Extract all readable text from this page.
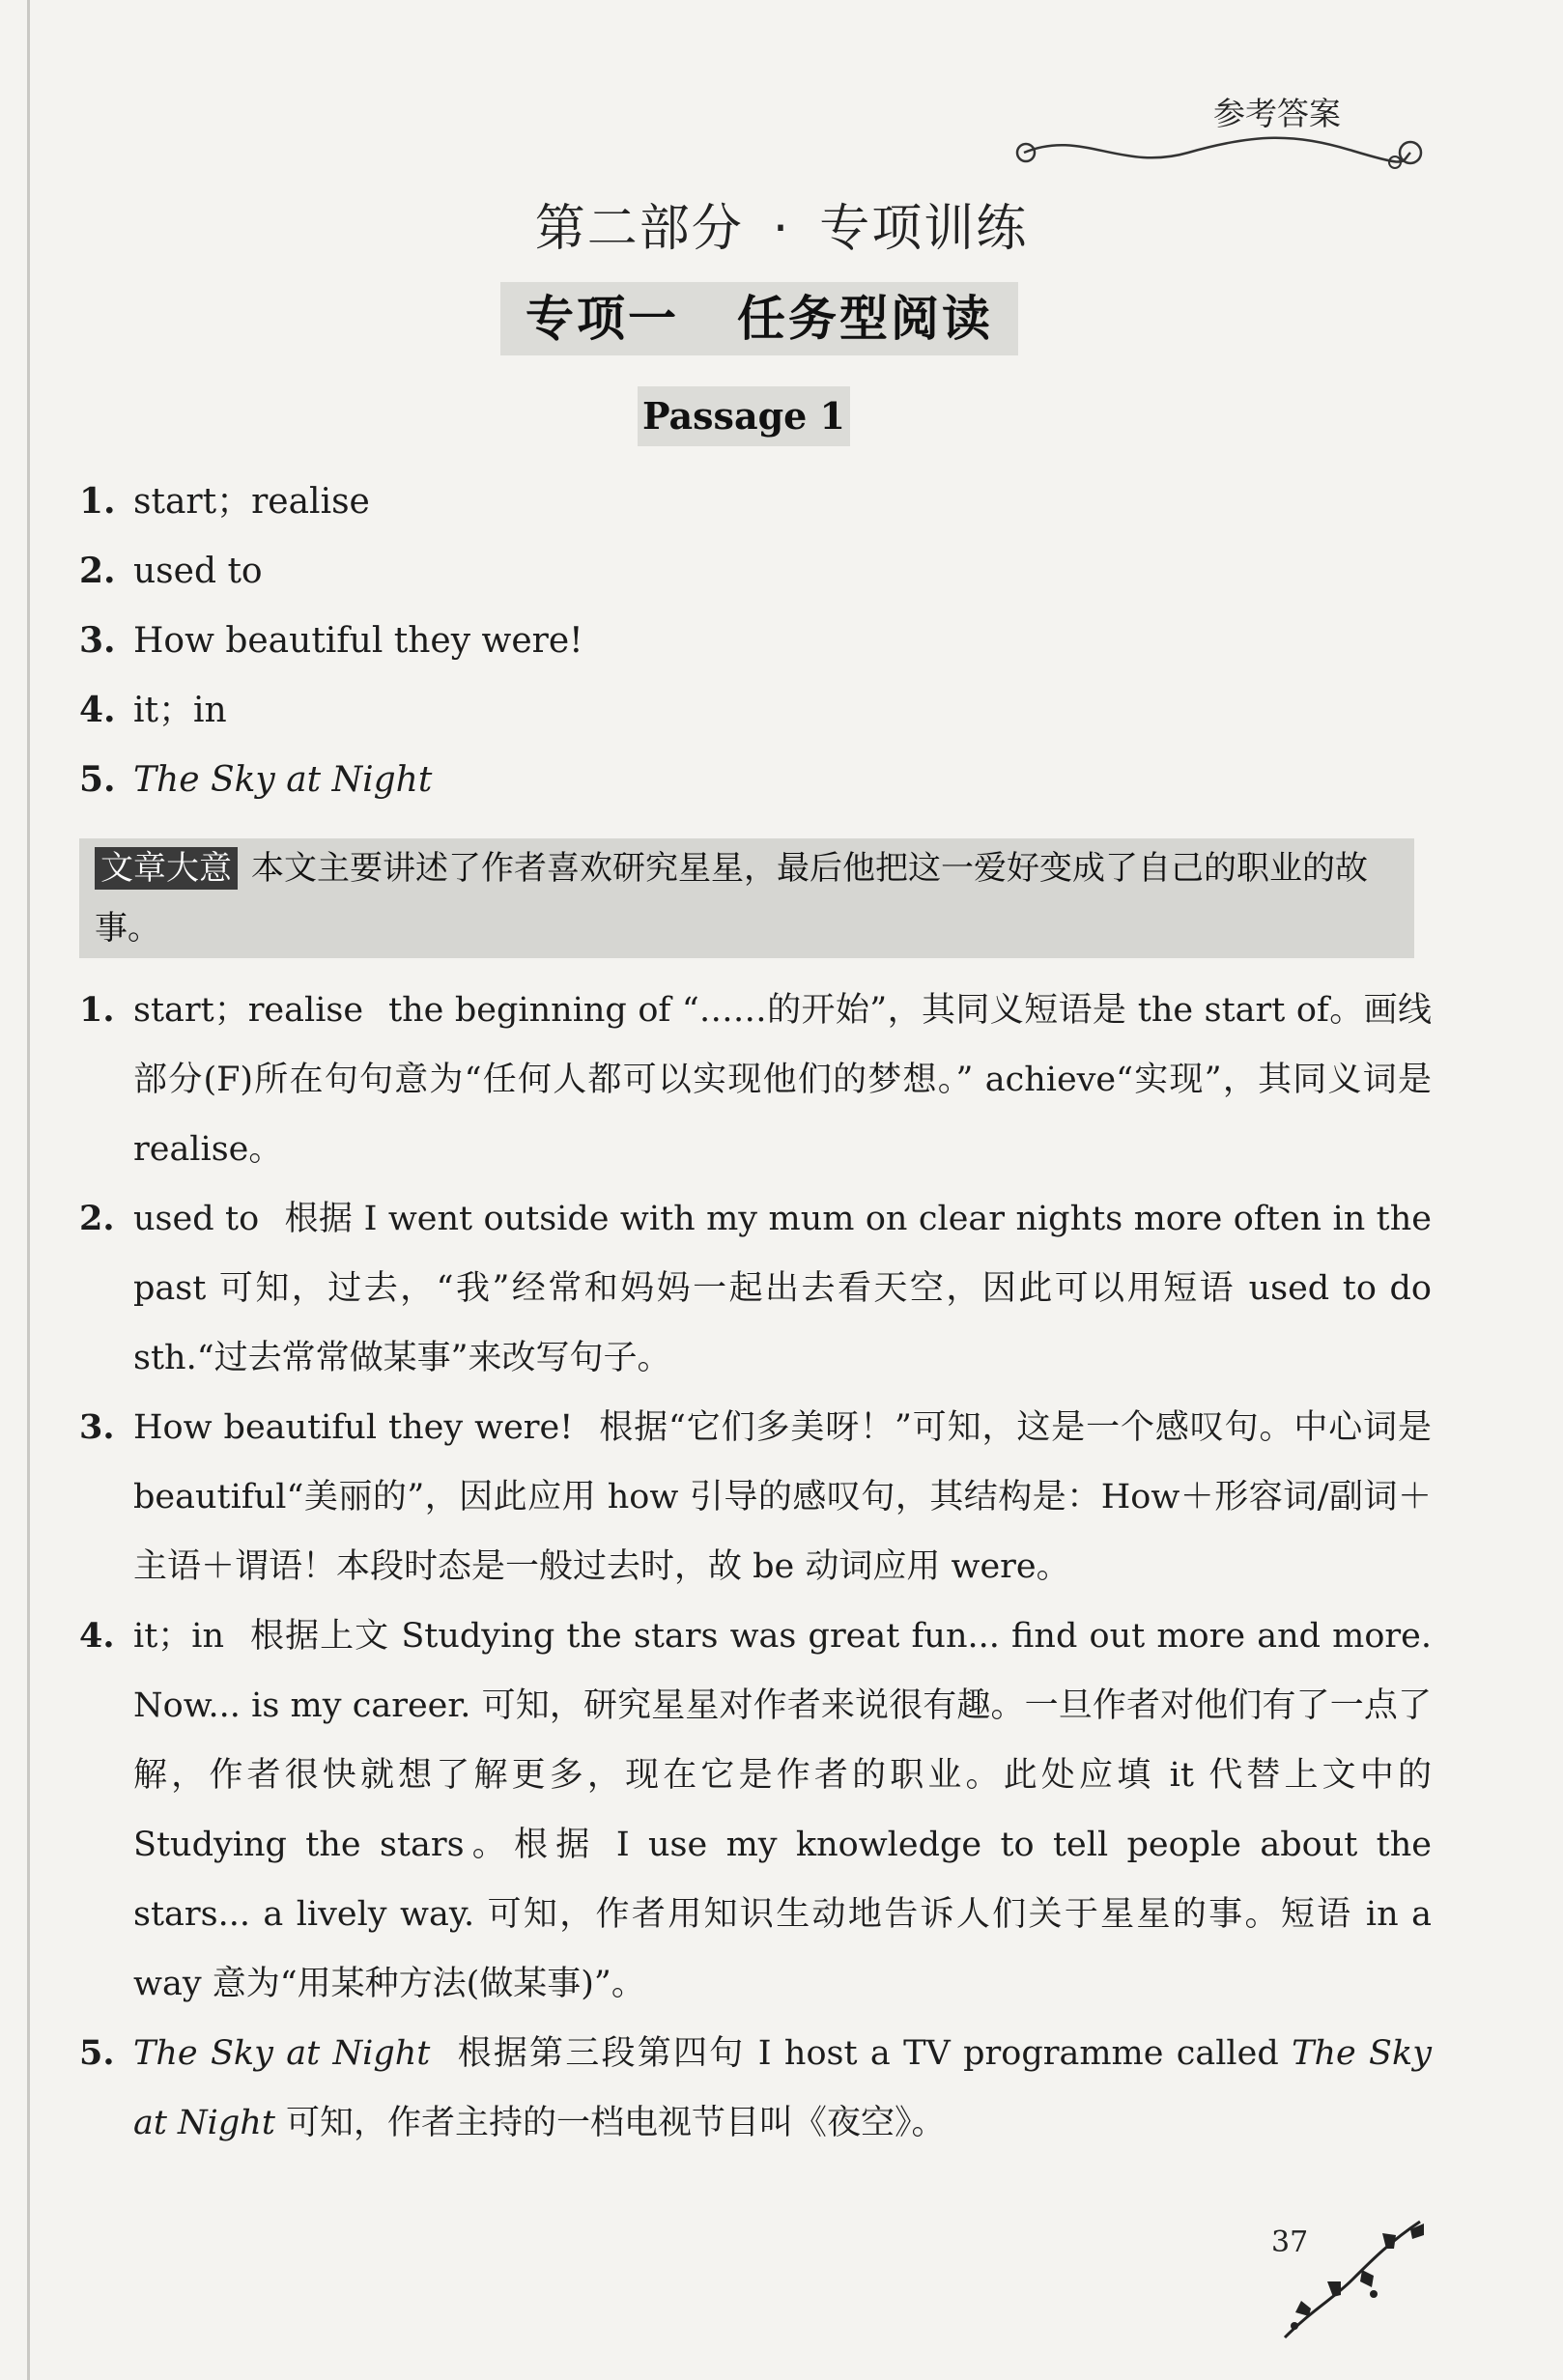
参考答案
第二部分 · 专项训练
专项一 任务型阅读
Passage 1
1. start；realise
2. used to
3. How beautiful they were!
4. it；in
5. The Sky at Night
文章大意 本文主要讲述了作者喜欢研究星星，最后他把这一爱好变成了自己的职业的故事。
1. start；realise the beginning of “……的开始”，其同义短语是 the start of。画线部分(F)所在句句意为“任何人都可以实现他们的梦想。” achieve“实现”，其同义词是 realise。
2. used to 根据 I went outside with my mum on clear nights more often in the past 可知，过去，“我”经常和妈妈一起出去看天空，因此可以用短语 used to do sth.“过去常常做某事”来改写句子。
3. How beautiful they were! 根据“它们多美呀！”可知，这是一个感叹句。中心词是 beautiful“美丽的”，因此应用 how 引导的感叹句，其结构是：How＋形容词/副词＋主语＋谓语！本段时态是一般过去时，故 be 动词应用 were。
4. it；in 根据上文 Studying the stars was great fun... find out more and more. Now... is my career. 可知，研究星星对作者来说很有趣。一旦作者对他们有了一点了解，作者很快就想了解更多，现在它是作者的职业。此处应填 it 代替上文中的 Studying the stars。根据 I use my knowledge to tell people about the stars... a lively way. 可知，作者用知识生动地告诉人们关于星星的事。短语 in a way 意为“用某种方法(做某事)”。
5. The Sky at Night 根据第三段第四句 I host a TV programme called The Sky at Night 可知，作者主持的一档电视节目叫《夜空》。
37
